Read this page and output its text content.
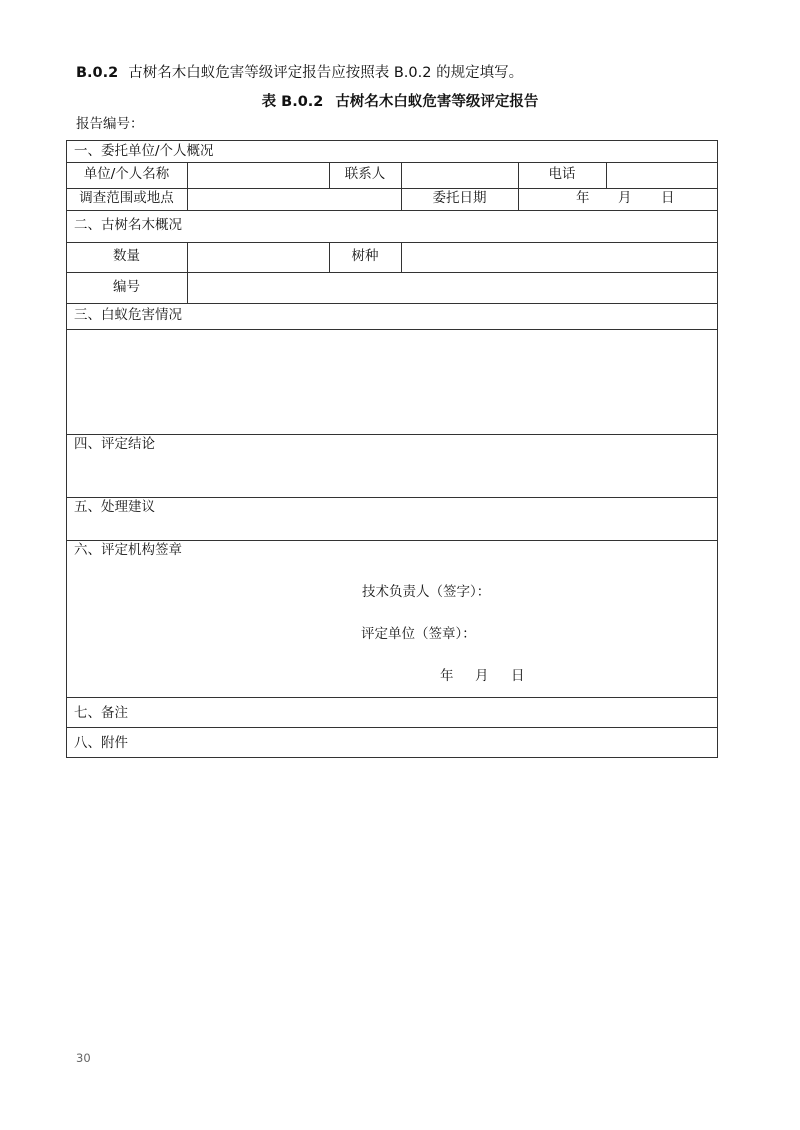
B.0.2 古树名木白蚁危害等级评定报告应按照表 B.0.2 的规定填写。
表 B.0.2 古树名木白蚁危害等级评定报告
报告编号：
一、委托单位/个人概况
单位/个人名称	联系人	电话
调查范围或地点	委托日期	年 月 日
二、古树名木概况
数量	树种
编号
三、白蚁危害情况
四、评定结论
五、处理建议
六、评定机构签章
技术负责人（签字）：
评定单位（签章）：
年 月 日
七、备注
八、附件
30
